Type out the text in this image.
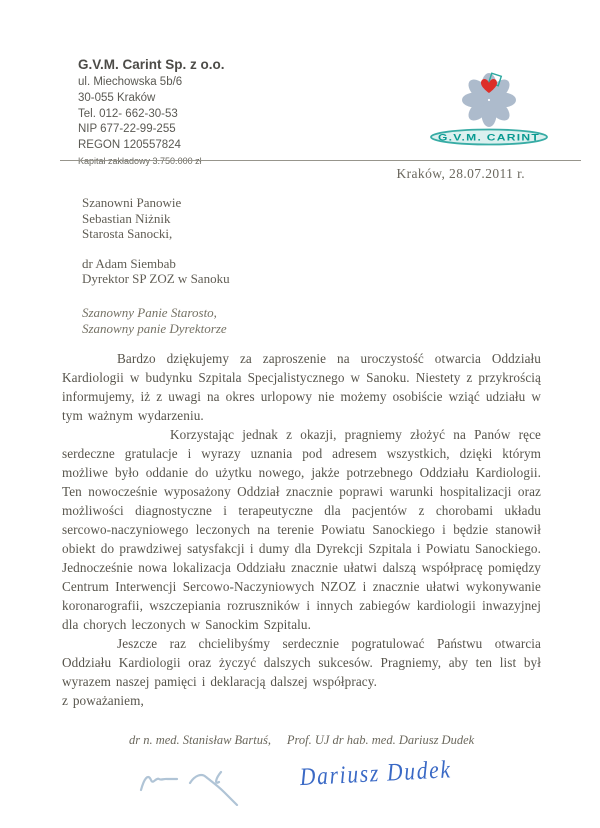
G.V.M. Carint Sp. z o.o.
ul. Miechowska 5b/6
30-055 Kraków
Tel. 012- 662-30-53
NIP 677-22-99-255
REGON 120557824
Kapitał zakładowy 3.750.000 zł
G.V.M. CARINT
Kraków, 28.07.2011 r.
Szanowni Panowie
Sebastian Niżnik
Starosta Sanocki,
dr Adam Siembab
Dyrektor SP ZOZ w Sanoku
Szanowny Panie Starosto,
Szanowny panie Dyrektorze

Bardzo dziękujemy za zaproszenie na uroczystość otwarcia Oddziału Kardiologii w budynku Szpitala Specjalistycznego w Sanoku. Niestety z przykrością informujemy, iż z uwagi na okres urlopowy nie możemy osobiście wziąć udziału w tym ważnym wydarzeniu.

Korzystając jednak z okazji, pragniemy złożyć na Panów ręce serdeczne gratulacje i wyrazy uznania pod adresem wszystkich, dzięki którym możliwe było oddanie do użytku nowego, jakże potrzebnego Oddziału Kardiologii. Ten nowocześnie wyposażony Oddział znacznie poprawi warunki hospitalizacji oraz możliwości diagnostyczne i terapeutyczne dla pacjentów z chorobami układu sercowo-naczyniowego leczonych na terenie Powiatu Sanockiego i będzie stanowił obiekt do prawdziwej satysfakcji i dumy dla Dyrekcji Szpitala i Powiatu Sanockiego. Jednocześnie nowa lokalizacja Oddziału znacznie ułatwi dalszą współpracę pomiędzy Centrum Interwencji Sercowo-Naczyniowych NZOZ i znacznie ułatwi wykonywanie koronarografii, wszczepiania rozruszników i innych zabiegów kardiologii inwazyjnej dla chorych leczonych w Sanockim Szpitalu.

Jeszcze raz chcielibyśmy serdecznie pogratulować Państwu otwarcia Oddziału Kardiologii oraz życzyć dalszych sukcesów. Pragniemy, aby ten list był wyrazem naszej pamięci i deklaracją dalszej współpracy.

z poważaniem,

dr n. med. Stanisław Bartuś,	Prof. UJ dr hab. med. Dariusz Dudek
Dariusz Dudek
